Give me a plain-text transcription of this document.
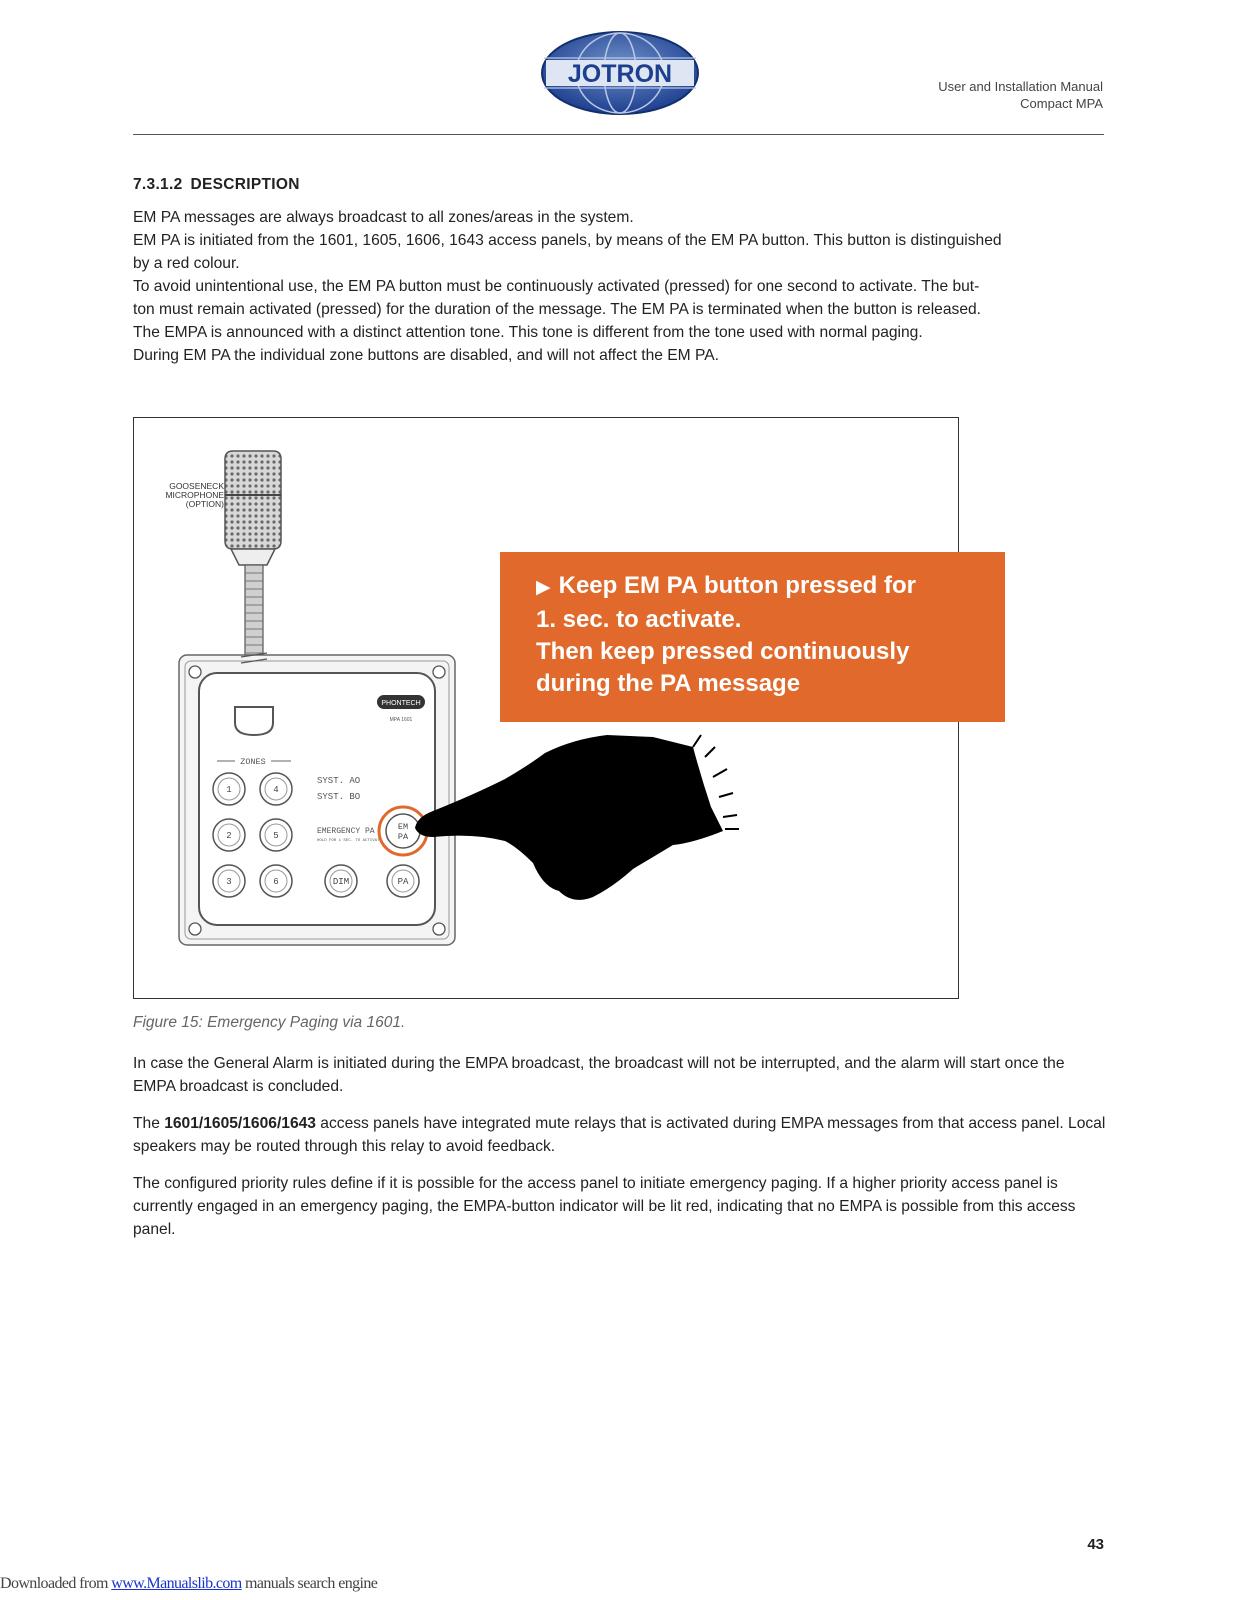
JOTRON	User and Installation Manual
Compact MPA
7.3.1.2 DESCRIPTION

EM PA messages are always broadcast to all zones/areas in the system.

EM PA is initiated from the 1601, 1605, 1606, 1643 access panels, by means of the EM PA button. This button is distinguished

by a red colour.

To avoid unintentional use, the EM PA button must be continuously activated (pressed) for one second to activate. The but-

ton must remain activated (pressed) for the duration of the message. The EM PA is terminated when the button is released.

The EMPA is announced with a distinct attention tone. This tone is different from the tone used with normal paging.

During EM PA the individual zone buttons are disabled, and will not affect the EM PA.

PHONTECH
MPA 1601
ZONES
1	4
2	5
3	6	DIM	PA
SYST. AO
SYST. BO
EMERGENCY PA
HOLD FOR 1 SEC. TO ACTIVATE
EM
PA
GOOSENECK
MICROPHONE
(OPTION)
▶ Keep EM PA button pressed for
1. sec. to activate.
Then keep pressed continuously
during the PA message
Figure 15: Emergency Paging via 1601.
In case the General Alarm is initiated during the EMPA broadcast, the broadcast will not be interrupted, and the alarm will start once the EMPA broadcast is concluded.
The 1601/1605/1606/1643 access panels have integrated mute relays that is activated during EMPA messages from that access panel. Local speakers may be routed through this relay to avoid feedback.
The configured priority rules define if it is possible for the access panel to initiate emergency paging. If a higher priority access panel is currently engaged in an emergency paging, the EMPA-button indicator will be lit red, indicating that no EMPA is possible from this access panel.
43
Downloaded from www.Manualslib.com manuals search engine
